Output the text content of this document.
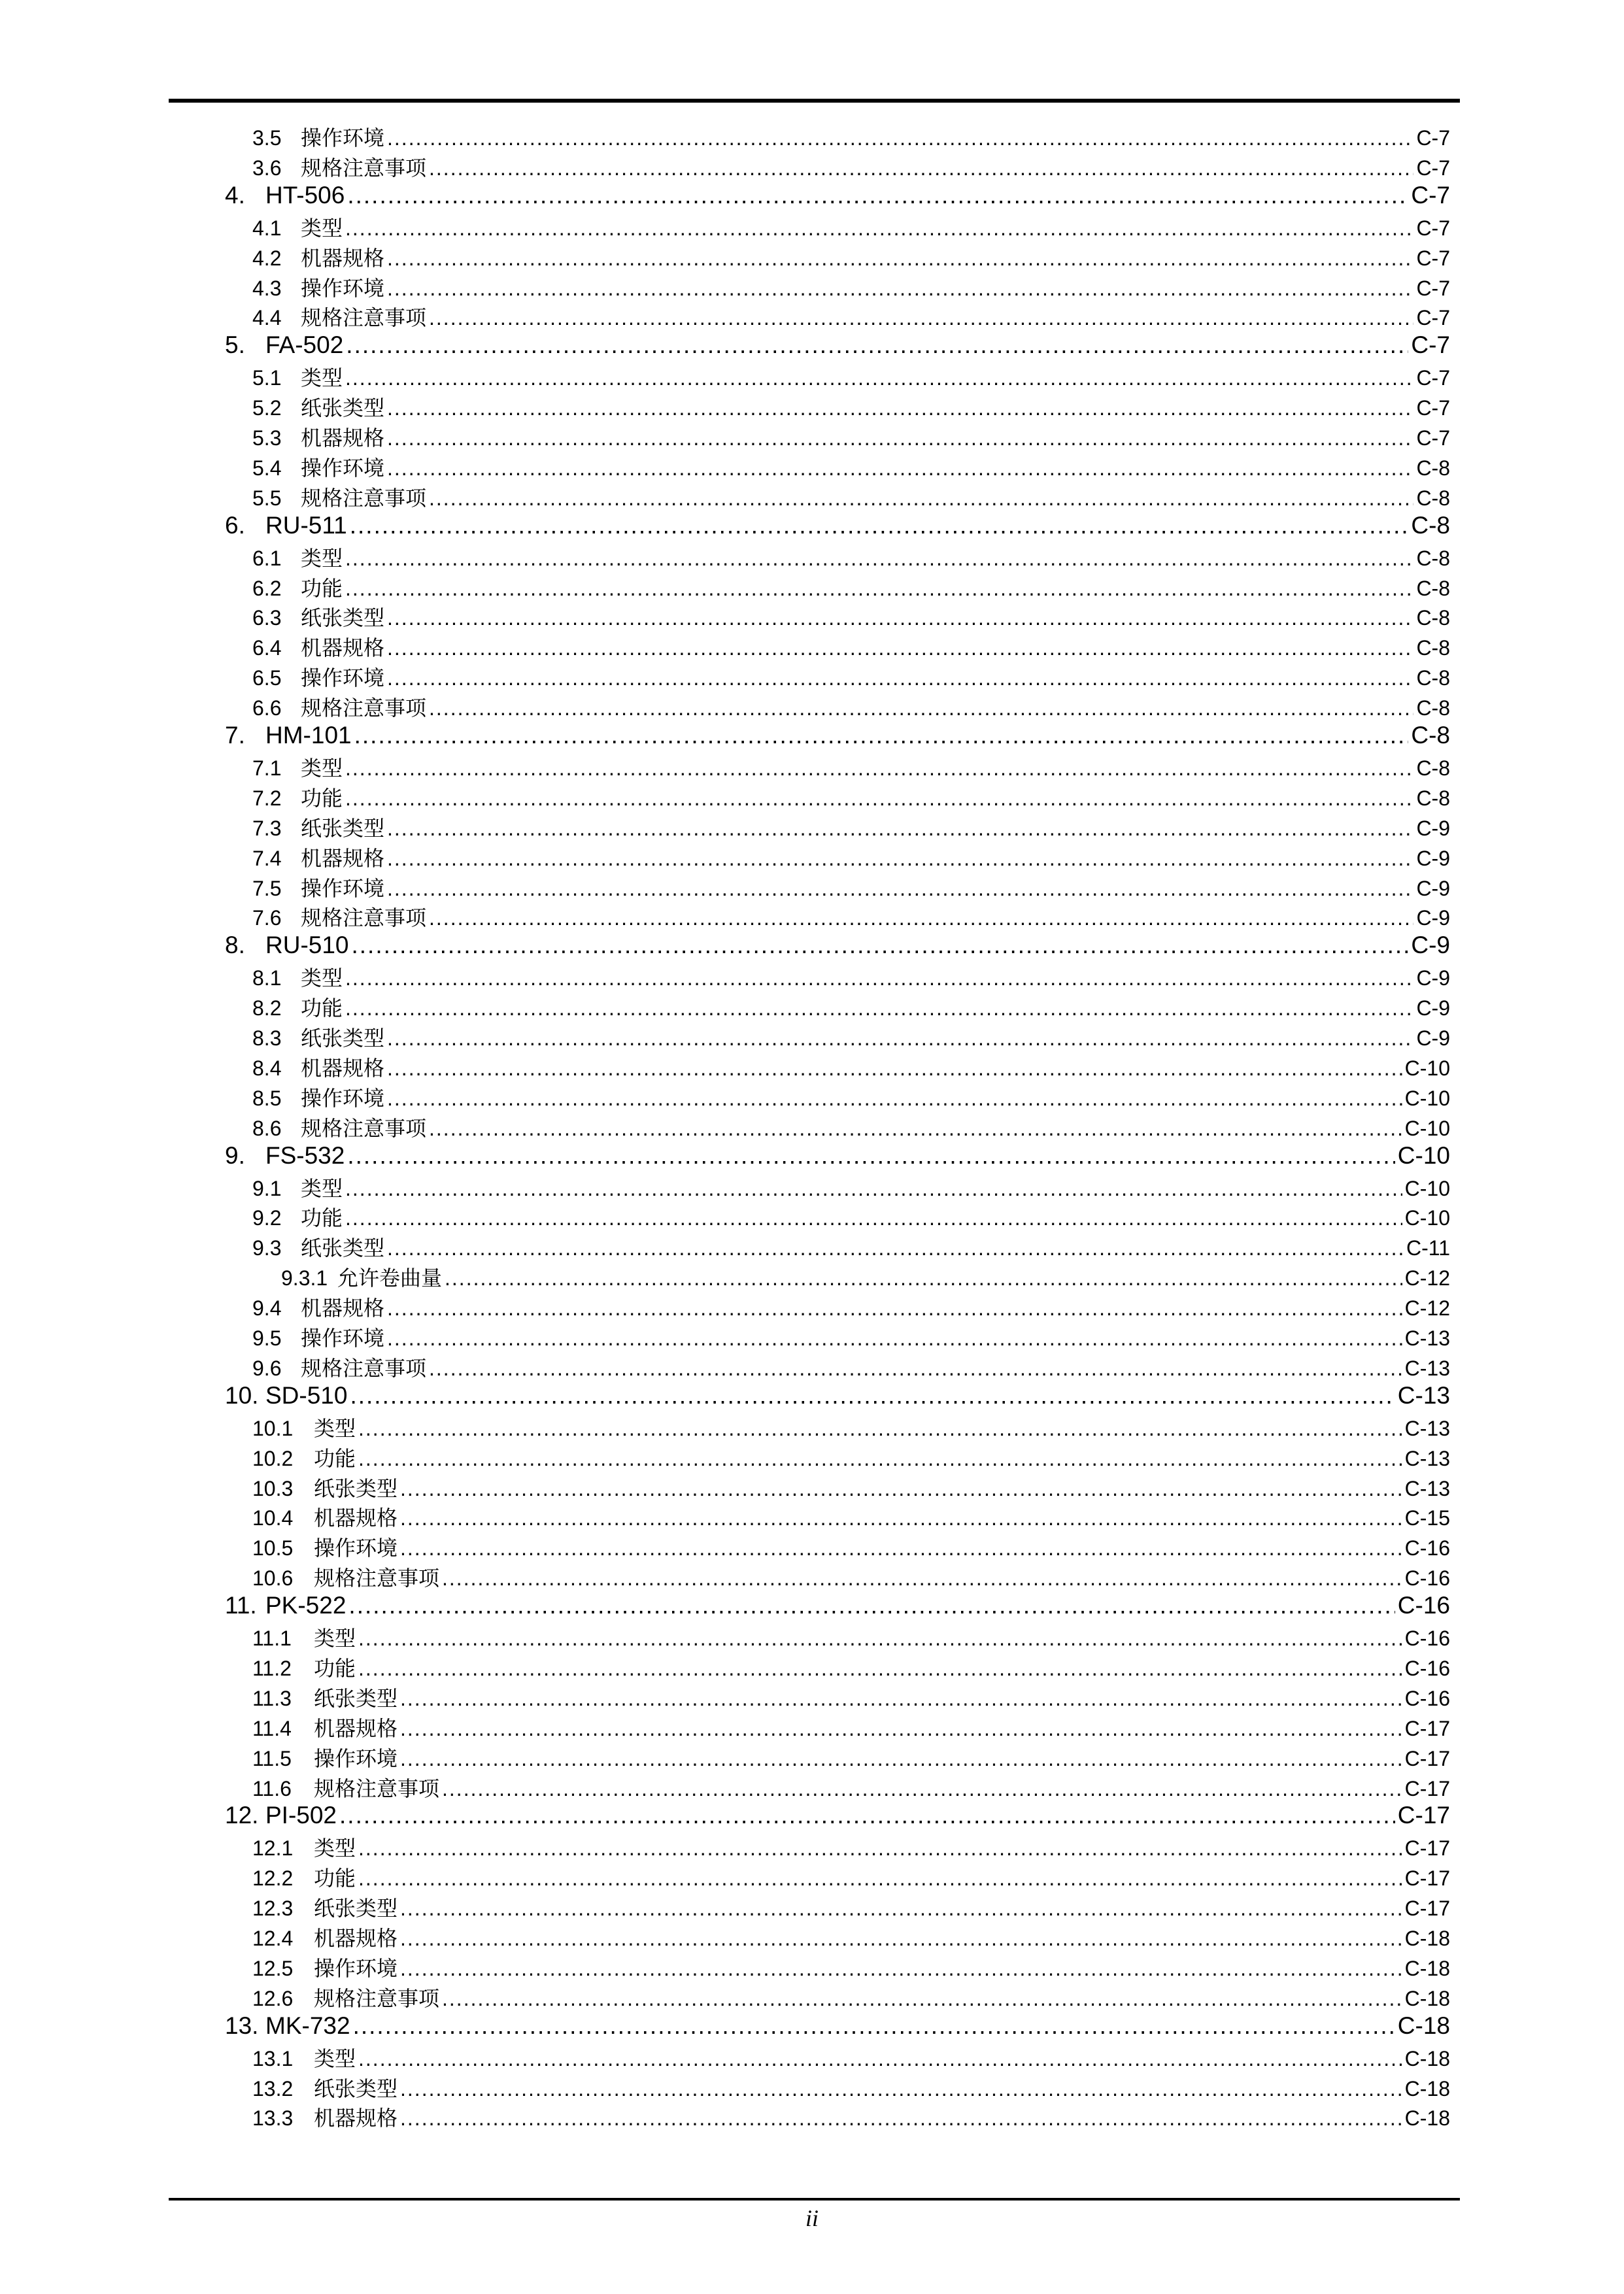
3.5 操作环境 .....	C-7
3.6 规格注意事项 .....	C-7
4. HT-506 .....	C-7
4.1 类型 .....	C-7
4.2 机器规格 .....	C-7
4.3 操作环境 .....	C-7
4.4 规格注意事项 .....	C-7
5. FA-502 .....	C-7
5.1 类型 .....	C-7
5.2 纸张类型 .....	C-7
5.3 机器规格 .....	C-7
5.4 操作环境 .....	C-8
5.5 规格注意事项 .....	C-8
6. RU-511 .....	C-8
6.1 类型 .....	C-8
6.2 功能 .....	C-8
6.3 纸张类型 .....	C-8
6.4 机器规格 .....	C-8
6.5 操作环境 .....	C-8
6.6 规格注意事项 .....	C-8
7. HM-101 .....	C-8
7.1 类型 .....	C-8
7.2 功能 .....	C-8
7.3 纸张类型 .....	C-9
7.4 机器规格 .....	C-9
7.5 操作环境 .....	C-9
7.6 规格注意事项 .....	C-9
8. RU-510 .....	C-9
8.1 类型 .....	C-9
8.2 功能 .....	C-9
8.3 纸张类型 .....	C-9
8.4 机器规格 .....	C-10
8.5 操作环境 .....	C-10
8.6 规格注意事项 .....	C-10
9. FS-532 .....	C-10
9.1 类型 .....	C-10
9.2 功能 .....	C-10
9.3 纸张类型 .....	C-11
9.3.1 允许卷曲量 .....	C-12
9.4 机器规格 .....	C-12
9.5 操作环境 .....	C-13
9.6 规格注意事项 .....	C-13
10. SD-510 .....	C-13
10.1 类型 .....	C-13
10.2 功能 .....	C-13
10.3 纸张类型 .....	C-13
10.4 机器规格 .....	C-15
10.5 操作环境 .....	C-16
10.6 规格注意事项 .....	C-16
11. PK-522 .....	C-16
11.1	类型 .....	C-16
11.2	功能 .....	C-16
11.3	纸张类型 .....	C-16
11.4	机器规格 .....	C-17
11.5	操作环境 .....	C-17
11.6	规格注意事项 .....	C-17
12. PI-502 .....	C-17
12.1 类型 .....	C-17
12.2 功能 .....	C-17
12.3 纸张类型 .....	C-17
12.4 机器规格 .....	C-18
12.5 操作环境 .....	C-18
12.6 规格注意事项 .....	C-18
13. MK-732 .....	C-18
13.1 类型 .....	C-18
13.2 纸张类型 .....	C-18
13.3 机器规格 .....	C-18
ii
